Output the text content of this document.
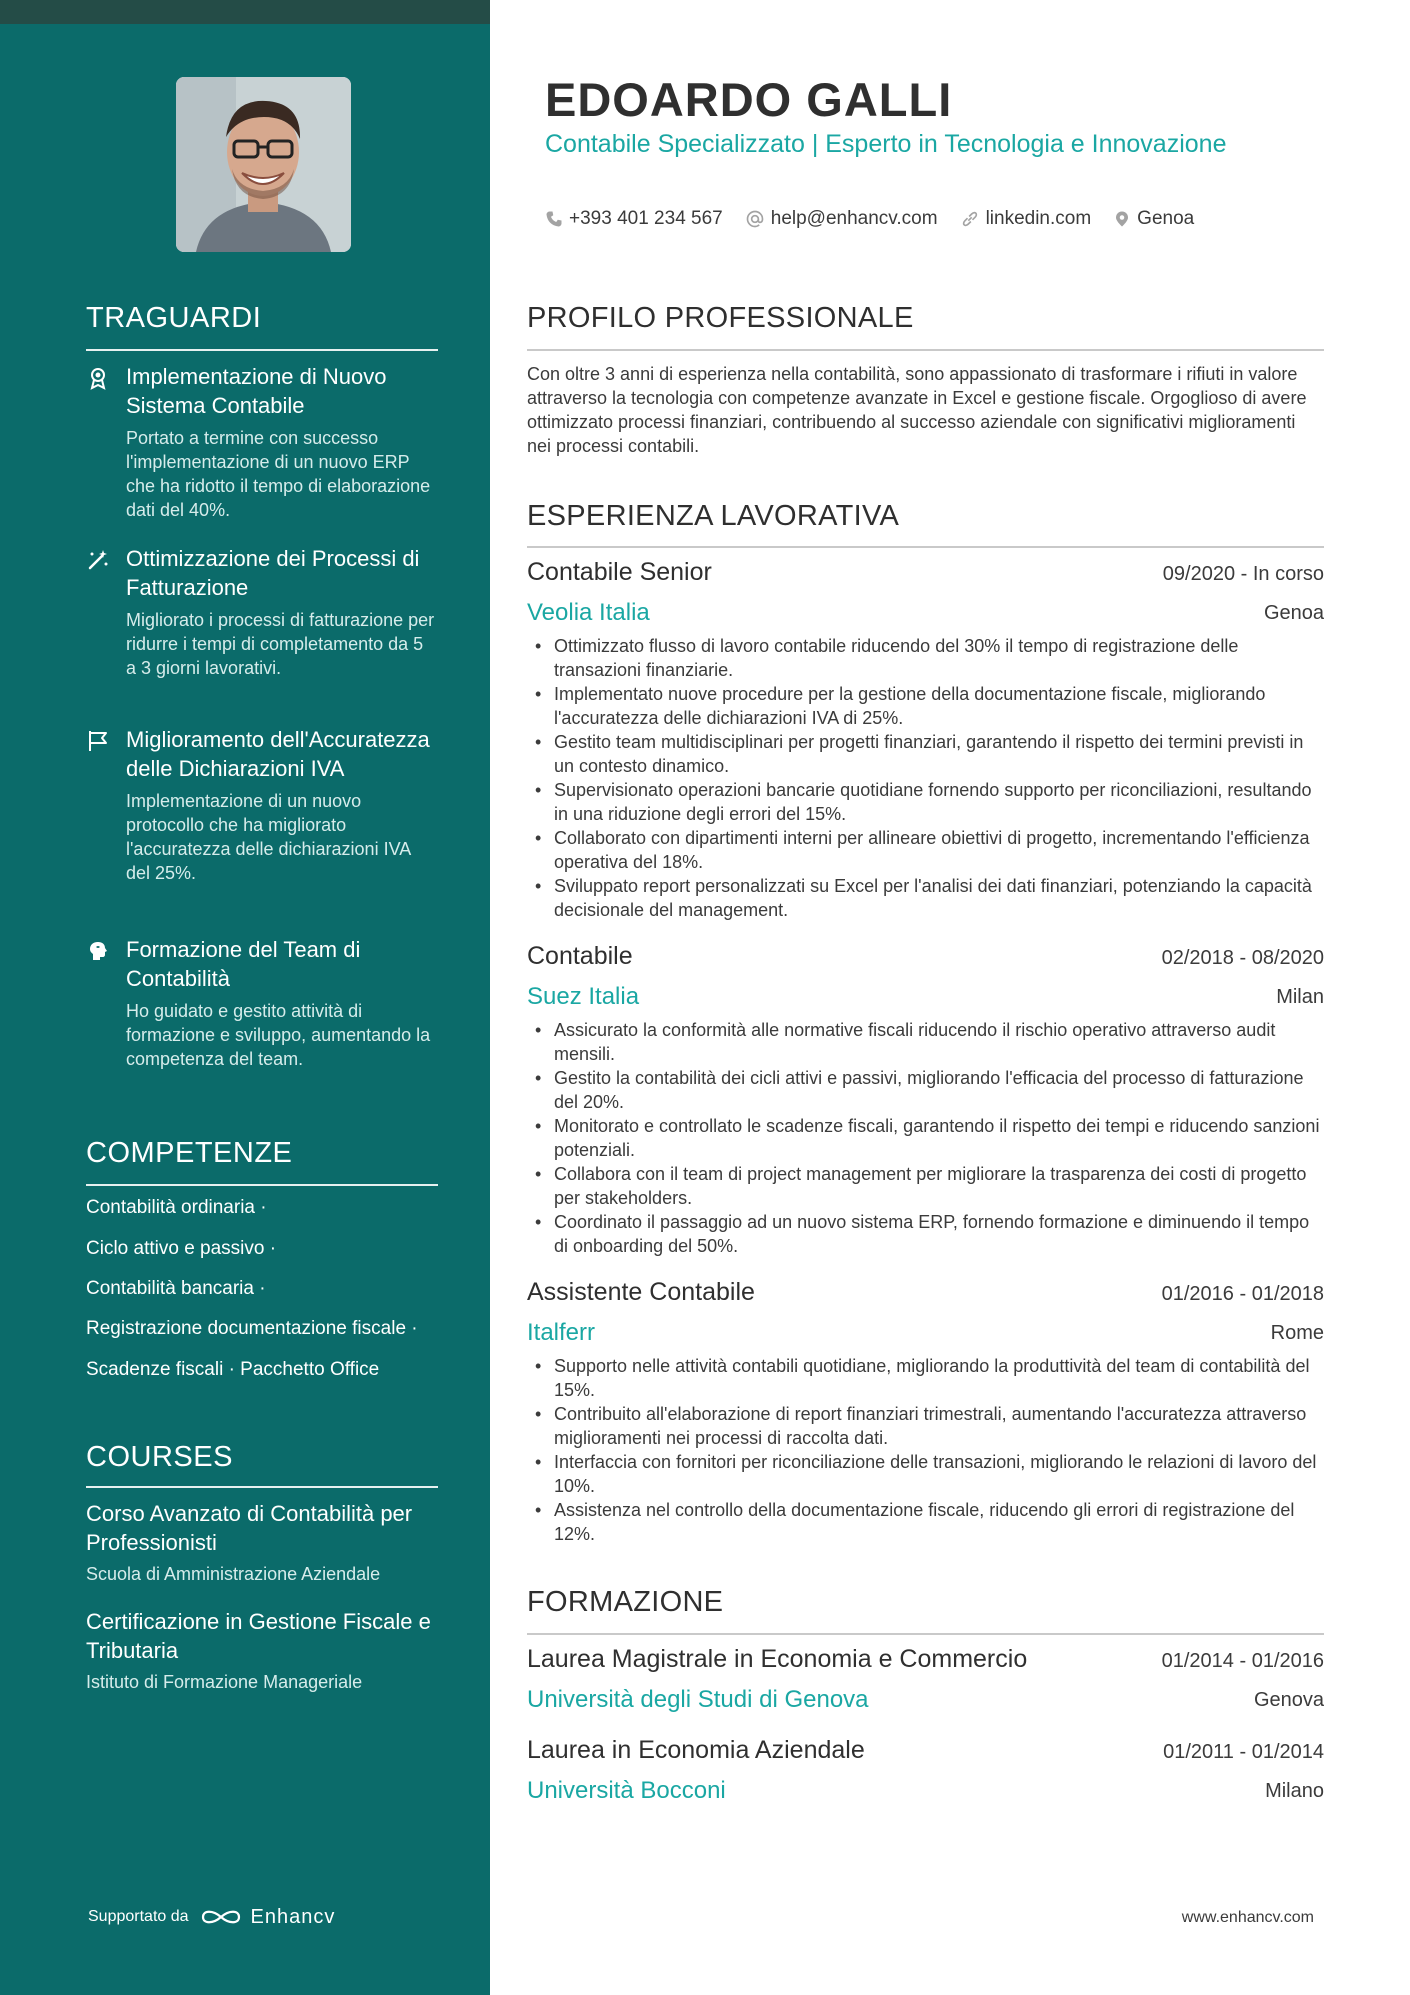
TRAGUARDI
Implementazione di Nuovo Sistema Contabile
Portato a termine con successo l'implementazione di un nuovo ERP che ha ridotto il tempo di elaborazione dati del 40%.
Ottimizzazione dei Processi di Fatturazione
Migliorato i processi di fatturazione per ridurre i tempi di completamento da 5 a 3 giorni lavorativi.
Miglioramento dell'Accuratezza delle Dichiarazioni IVA
Implementazione di un nuovo protocollo che ha migliorato l'accuratezza delle dichiarazioni IVA del 25%.
Formazione del Team di Contabilità
Ho guidato e gestito attività di formazione e sviluppo, aumentando la competenza del team.
COMPETENZE
Contabilità ordinaria ·
Ciclo attivo e passivo ·
Contabilità bancaria ·
Registrazione documentazione fiscale ·
Scadenze fiscali · Pacchetto Office
COURSES
Corso Avanzato di Contabilità per Professionisti
Scuola di Amministrazione Aziendale
Certificazione in Gestione Fiscale e Tributaria
Istituto di Formazione Manageriale
Supportato da	Enhancv
EDOARDO GALLI
Contabile Specializzato | Esperto in Tecnologia e Innovazione
+393 401 234 567	help@enhancv.com	linkedin.com Genoa
PROFILO PROFESSIONALE
Con oltre 3 anni di esperienza nella contabilità, sono appassionato di trasformare i rifiuti in valore attraverso la tecnologia con competenze avanzate in Excel e gestione fiscale. Orgoglioso di avere ottimizzato processi finanziari, contribuendo al successo aziendale con significativi miglioramenti nei processi contabili.
ESPERIENZA LAVORATIVA
Contabile Senior	09/2020 - In corso
Veolia Italia	Genoa
• Ottimizzato flusso di lavoro contabile riducendo del 30% il tempo di registrazione delle transazioni finanziarie.
• Implementato nuove procedure per la gestione della documentazione fiscale, migliorando l'accuratezza delle dichiarazioni IVA di 25%.
• Gestito team multidisciplinari per progetti finanziari, garantendo il rispetto dei termini previsti in un contesto dinamico.
• Supervisionato operazioni bancarie quotidiane fornendo supporto per riconciliazioni, resultando in una riduzione degli errori del 15%.
• Collaborato con dipartimenti interni per allineare obiettivi di progetto, incrementando l'efficienza operativa del 18%.
• Sviluppato report personalizzati su Excel per l'analisi dei dati finanziari, potenziando la capacità decisionale del management.
Contabile	02/2018 - 08/2020
Suez Italia	Milan
• Assicurato la conformità alle normative fiscali riducendo il rischio operativo attraverso audit mensili.
• Gestito la contabilità dei cicli attivi e passivi, migliorando l'efficacia del processo di fatturazione del 20%.
• Monitorato e controllato le scadenze fiscali, garantendo il rispetto dei tempi e riducendo sanzioni potenziali.
• Collabora con il team di project management per migliorare la trasparenza dei costi di progetto per stakeholders.
• Coordinato il passaggio ad un nuovo sistema ERP, fornendo formazione e diminuendo il tempo di onboarding del 50%.
Assistente Contabile	01/2016 - 01/2018
Italferr	Rome
• Supporto nelle attività contabili quotidiane, migliorando la produttività del team di contabilità del 15%.
• Contribuito all'elaborazione di report finanziari trimestrali, aumentando l'accuratezza attraverso miglioramenti nei processi di raccolta dati.
• Interfaccia con fornitori per riconciliazione delle transazioni, migliorando le relazioni di lavoro del 10%.
• Assistenza nel controllo della documentazione fiscale, riducendo gli errori di registrazione del 12%.
FORMAZIONE
Laurea Magistrale in Economia e Commercio	01/2014 - 01/2016
Università degli Studi di Genova	Genova
Laurea in Economia Aziendale	01/2011 - 01/2014
Università Bocconi	Milano
www.enhancv.com
